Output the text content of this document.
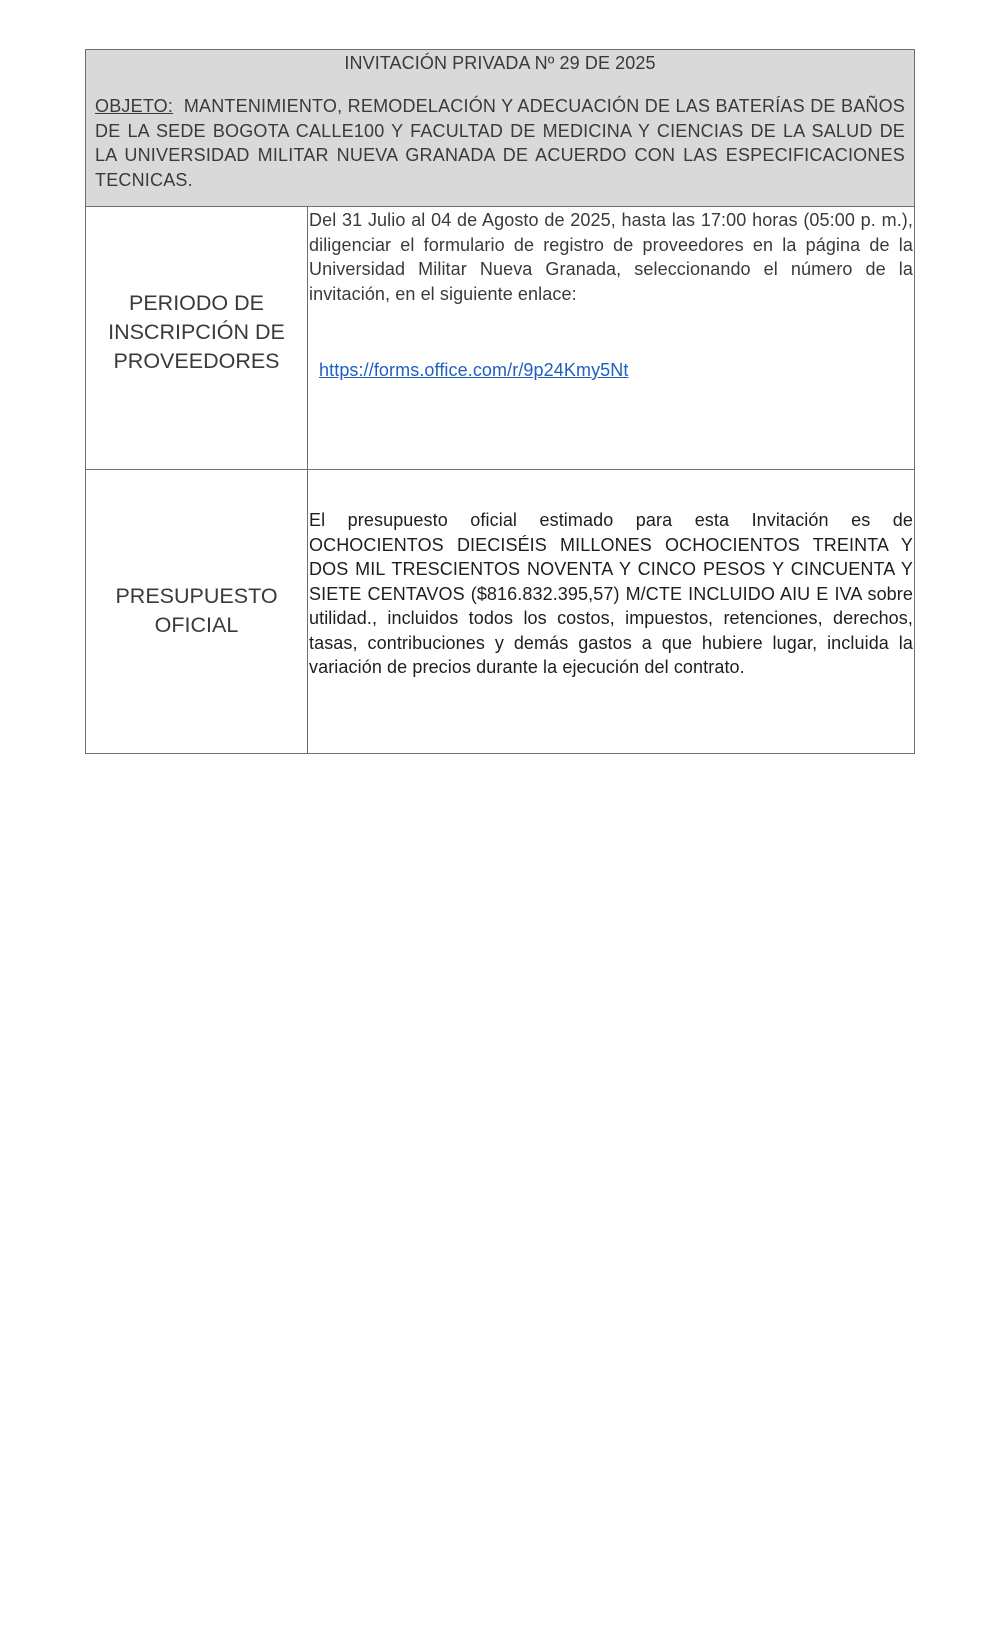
INVITACIÓN PRIVADA Nº 29 DE 2025
OBJETO:  MANTENIMIENTO, REMODELACIÓN Y ADECUACIÓN DE LAS BATERÍAS DE BAÑOS DE LA SEDE BOGOTA CALLE100 Y FACULTAD DE MEDICINA Y CIENCIAS DE LA SALUD DE LA UNIVERSIDAD MILITAR NUEVA GRANADA DE ACUERDO CON LAS ESPECIFICACIONES TECNICAS.
PERIODO DE
INSCRIPCIÓN DE
PROVEEDORES
Del 31 Julio al 04 de Agosto de 2025, hasta las 17:00 horas (05:00 p. m.), diligenciar el formulario de registro de proveedores en la página de la Universidad Militar Nueva Granada, seleccionando el número de la invitación, en el siguiente enlace:
https://forms.office.com/r/9p24Kmy5Nt
PRESUPUESTO
OFICIAL
El presupuesto oficial estimado para esta Invitación es de OCHOCIENTOS DIECISÉIS MILLONES OCHOCIENTOS TREINTA Y DOS MIL TRESCIENTOS NOVENTA Y CINCO PESOS Y CINCUENTA Y SIETE CENTAVOS ($816.832.395,57) M/CTE INCLUIDO AIU E IVA sobre utilidad., incluidos todos los costos, impuestos, retenciones, derechos, tasas, contribuciones y demás gastos a que hubiere lugar, incluida la variación de precios durante la ejecución del contrato.
